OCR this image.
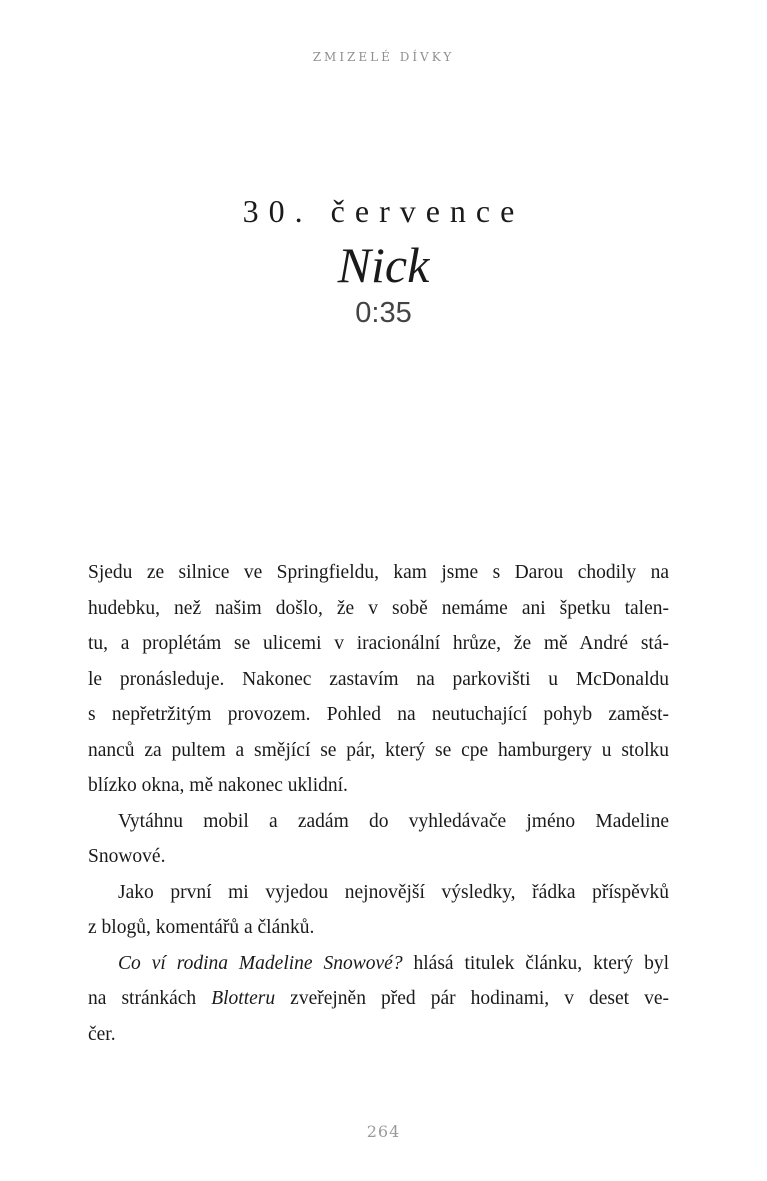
ZMIZELÉ DÍVKY
30. července
Nick
0:35
Sjedu ze silnice ve Springfieldu, kam jsme s Darou chodily na
hudebku, než našim došlo, že v sobě nemáme ani špetku talen-
tu, a proplétám se ulicemi v iracionální hrůze, že mě André stá-
le pronásleduje. Nakonec zastavím na parkovišti u McDonaldu
s nepřetržitým provozem. Pohled na neutuchající pohyb zaměst-
nanců za pultem a smějící se pár, který se cpe hamburgery u stolku
blízko okna, mě nakonec uklidní.
Vytáhnu mobil a zadám do vyhledávače jméno Madeline
Snowové.
Jako první mi vyjedou nejnovější výsledky, řádka příspěvků
z blogů, komentářů a článků.
Co ví rodina Madeline Snowové? hlásá titulek článku, který byl
na stránkách Blotteru zveřejněn před pár hodinami, v deset ve-
čer.
264
